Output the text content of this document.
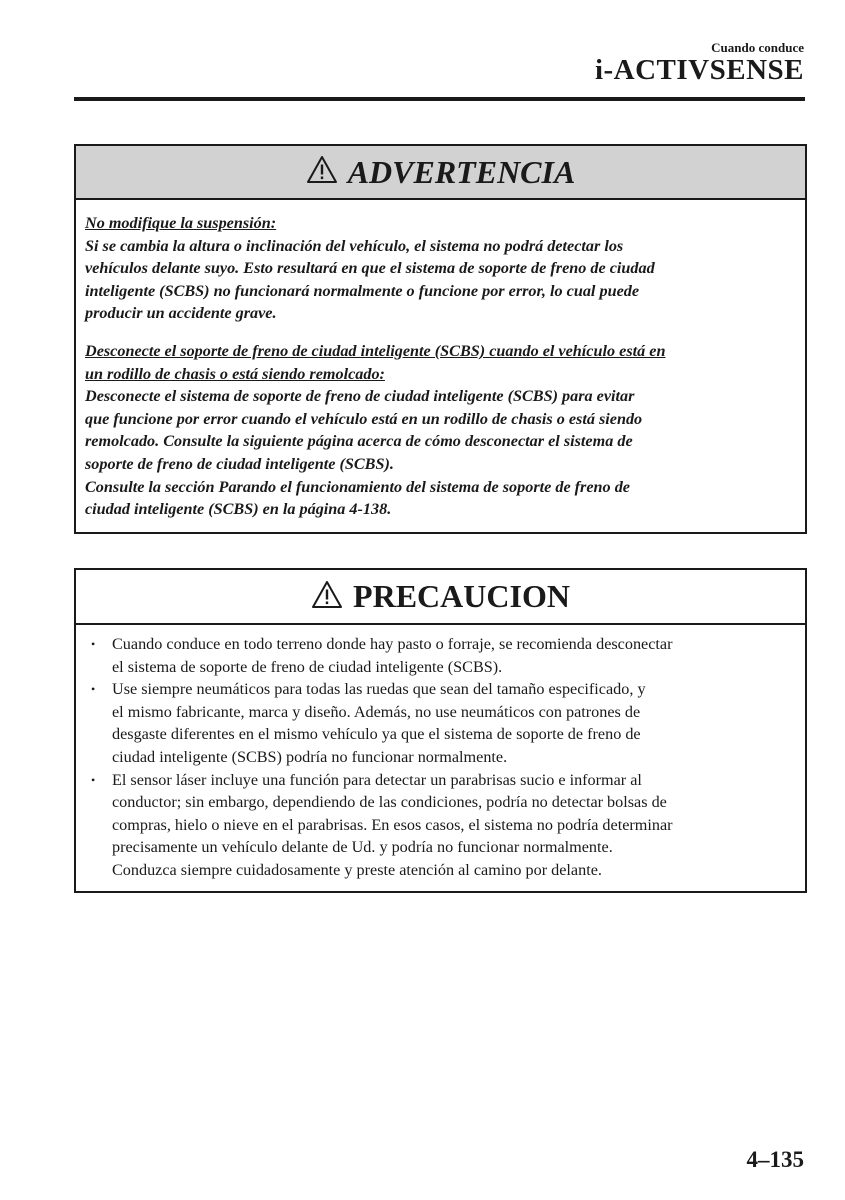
Cuando conduce
i-ACTIVSENSE
ADVERTENCIA
No modifique la suspensión:
Si se cambia la altura o inclinación del vehículo, el sistema no podrá detectar los
vehículos delante suyo. Esto resultará en que el sistema de soporte de freno de ciudad
inteligente (SCBS) no funcionará normalmente o funcione por error, lo cual puede
producir un accidente grave.
Desconecte el soporte de freno de ciudad inteligente (SCBS) cuando el vehículo está en
un rodillo de chasis o está siendo remolcado:
Desconecte el sistema de soporte de freno de ciudad inteligente (SCBS) para evitar
que funcione por error cuando el vehículo está en un rodillo de chasis o está siendo
remolcado. Consulte la siguiente página acerca de cómo desconectar el sistema de
soporte de freno de ciudad inteligente (SCBS).
Consulte la sección Parando el funcionamiento del sistema de soporte de freno de
ciudad inteligente (SCBS) en la página 4-138.
PRECAUCION
• Cuando conduce en todo terreno donde hay pasto o forraje, se recomienda desconectar
el sistema de soporte de freno de ciudad inteligente (SCBS).
• Use siempre neumáticos para todas las ruedas que sean del tamaño especificado, y
el mismo fabricante, marca y diseño. Además, no use neumáticos con patrones de
desgaste diferentes en el mismo vehículo ya que el sistema de soporte de freno de
ciudad inteligente (SCBS) podría no funcionar normalmente.
• El sensor láser incluye una función para detectar un parabrisas sucio e informar al
conductor; sin embargo, dependiendo de las condiciones, podría no detectar bolsas de
compras, hielo o nieve en el parabrisas. En esos casos, el sistema no podría determinar
precisamente un vehículo delante de Ud. y podría no funcionar normalmente.
Conduzca siempre cuidadosamente y preste atención al camino por delante.
4–135
